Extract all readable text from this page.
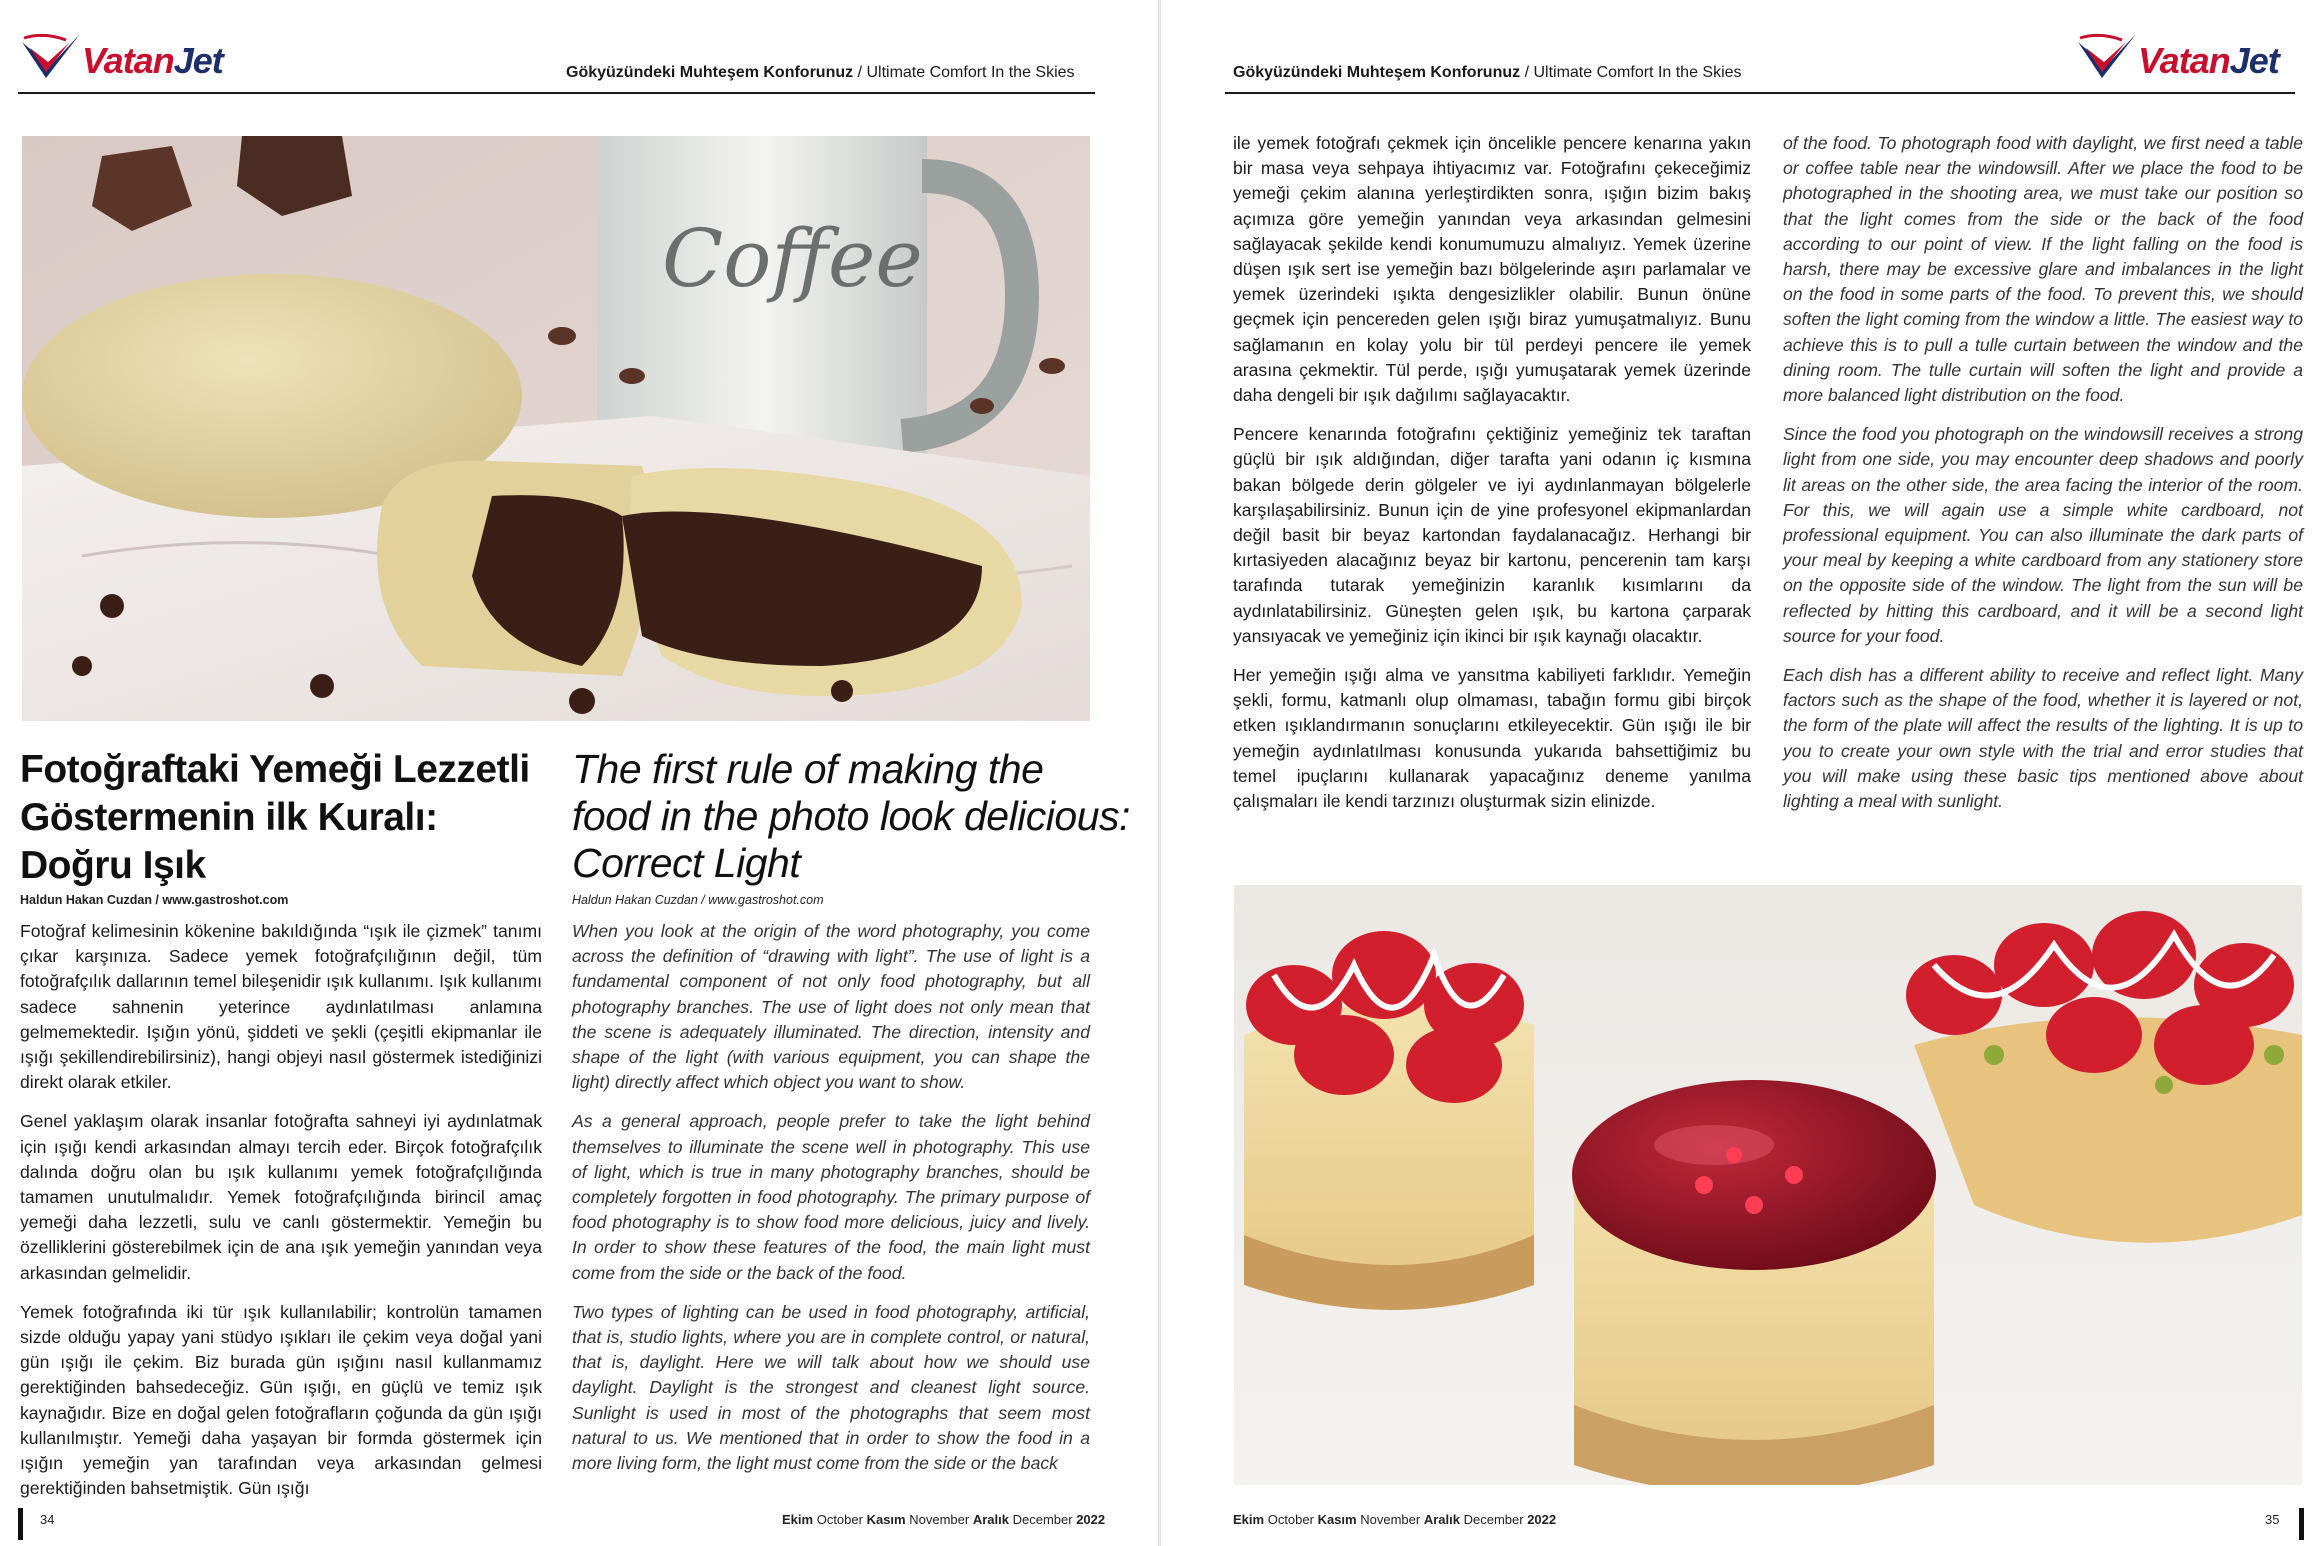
VatanJet	Gökyüzündeki Muhteşem Konforunuz / Ultimate Comfort In the Skies
Coffee
Fotoğraftaki Yemeği Lezzetli Göstermenin ilk Kuralı: Doğru Işık
The first rule of making the food in the photo look delicious: Correct Light
Haldun Hakan Cuzdan / www.gastroshot.com	Haldun Hakan Cuzdan / www.gastroshot.com

Fotoğraf kelimesinin kökenine bakıldığında “ışık ile çizmek” tanımı çıkar karşınıza. Sadece yemek fotoğrafçılığının değil, tüm fotoğrafçılık dallarının temel bileşenidir ışık kullanımı. Işık kullanımı sadece sahnenin yeterince aydınlatılması anlamına gelmemektedir. Işığın yönü, şiddeti ve şekli (çeşitli ekipmanlar ile ışığı şekillendirebilirsiniz), hangi objeyi nasıl göstermek istediğinizi direkt olarak etkiler.

Genel yaklaşım olarak insanlar fotoğrafta sahneyi iyi aydınlatmak için ışığı kendi arkasından almayı tercih eder. Birçok fotoğrafçılık dalında doğru olan bu ışık kullanımı yemek fotoğrafçılığında tamamen unutulmalıdır. Yemek fotoğrafçılığında birincil amaç yemeği daha lezzetli, sulu ve canlı göstermektir. Yemeğin bu özelliklerini gösterebilmek için de ana ışık yemeğin yanından veya arkasından gelmelidir.

Yemek fotoğrafında iki tür ışık kullanılabilir; kontrolün tamamen sizde olduğu yapay yani stüdyo ışıkları ile çekim veya doğal yani gün ışığı ile çekim. Biz burada gün ışığını nasıl kullanmamız gerektiğinden bahsedeceğiz. Gün ışığı, en güçlü ve temiz ışık kaynağıdır. Bize en doğal gelen fotoğrafların çoğunda da gün ışığı kullanılmıştır. Yemeği daha yaşayan bir formda göstermek için ışığın yemeğin yan tarafından veya arkasından gelmesi gerektiğinden bahsetmiştik. Gün ışığı

When you look at the origin of the word photography, you come across the definition of “drawing with light”. The use of light is a fundamental component of not only food photography, but all photography branches. The use of light does not only mean that the scene is adequately illuminated. The direction, intensity and shape of the light (with various equipment, you can shape the light) directly affect which object you want to show.

As a general approach, people prefer to take the light behind themselves to illuminate the scene well in photography. This use of light, which is true in many photography branches, should be completely forgotten in food photography. The primary purpose of food photography is to show food more delicious, juicy and lively. In order to show these features of the food, the main light must come from the side or the back of the food.

Two types of lighting can be used in food photography, artificial, that is, studio lights, where you are in complete control, or natural, that is, daylight. Here we will talk about how we should use daylight. Daylight is the strongest and cleanest light source. Sunlight is used in most of the photographs that seem most natural to us. We mentioned that in order to show the food in a more living form, the light must come from the side or the back

34	Ekim October Kasım November Aralık December 2022
Gökyüzündeki Muhteşem Konforunuz / Ultimate Comfort In the Skies	VatanJet

ile yemek fotoğrafı çekmek için öncelikle pencere kenarına yakın bir masa veya sehpaya ihtiyacımız var. Fotoğrafını çekeceğimiz yemeği çekim alanına yerleştirdikten sonra, ışığın bizim bakış açımıza göre yemeğin yanından veya arkasından gelmesini sağlayacak şekilde kendi konumumuzu almalıyız. Yemek üzerine düşen ışık sert ise yemeğin bazı bölgelerinde aşırı parlamalar ve yemek üzerindeki ışıkta dengesizlikler olabilir. Bunun önüne geçmek için pencereden gelen ışığı biraz yumuşatmalıyız. Bunu sağlamanın en kolay yolu bir tül perdeyi pencere ile yemek arasına çekmektir. Tül perde, ışığı yumuşatarak yemek üzerinde daha dengeli bir ışık dağılımı sağlayacaktır.

Pencere kenarında fotoğrafını çektiğiniz yemeğiniz tek taraftan güçlü bir ışık aldığından, diğer tarafta yani odanın iç kısmına bakan bölgede derin gölgeler ve iyi aydınlanmayan bölgelerle karşılaşabilirsiniz. Bunun için de yine profesyonel ekipmanlardan değil basit bir beyaz kartondan faydalanacağız. Herhangi bir kırtasiyeden alacağınız beyaz bir kartonu, pencerenin tam karşı tarafında tutarak yemeğinizin karanlık kısımlarını da aydınlatabilirsiniz. Güneşten gelen ışık, bu kartona çarparak yansıyacak ve yemeğiniz için ikinci bir ışık kaynağı olacaktır.

Her yemeğin ışığı alma ve yansıtma kabiliyeti farklıdır. Yemeğin şekli, formu, katmanlı olup olmaması, tabağın formu gibi birçok etken ışıklandırmanın sonuçlarını etkileyecektir. Gün ışığı ile bir yemeğin aydınlatılması konusunda yukarıda bahsettiğimiz bu temel ipuçlarını kullanarak yapacağınız deneme yanılma çalışmaları ile kendi tarzınızı oluşturmak sizin elinizde.

of the food. To photograph food with daylight, we first need a table or coffee table near the windowsill. After we place the food to be photographed in the shooting area, we must take our position so that the light comes from the side or the back of the food according to our point of view. If the light falling on the food is harsh, there may be excessive glare and imbalances in the light on the food in some parts of the food. To prevent this, we should soften the light coming from the window a little. The easiest way to achieve this is to pull a tulle curtain between the window and the dining room. The tulle curtain will soften the light and provide a more balanced light distribution on the food.

Since the food you photograph on the windowsill receives a strong light from one side, you may encounter deep shadows and poorly lit areas on the other side, the area facing the interior of the room. For this, we will again use a simple white cardboard, not professional equipment. You can also illuminate the dark parts of your meal by keeping a white cardboard from any stationery store on the opposite side of the window. The light from the sun will be reflected by hitting this cardboard, and it will be a second light source for your food.

Each dish has a different ability to receive and reflect light. Many factors such as the shape of the food, whether it is layered or not, the form of the plate will affect the results of the lighting. It is up to you to create your own style with the trial and error studies that you will make using these basic tips mentioned above about lighting a meal with sunlight.

Ekim October Kasım November Aralık December 2022	35
